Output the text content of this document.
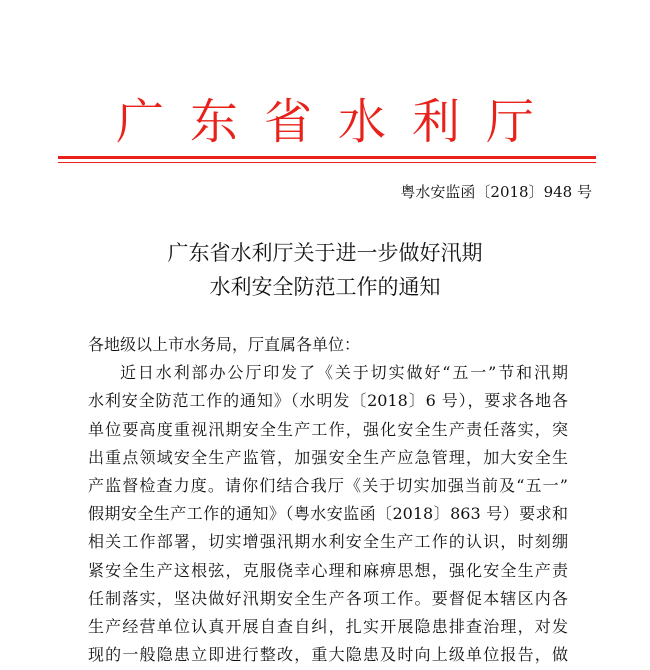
广东省水利厅
粤水安监函〔2018〕948 号
广东省水利厅关于进一步做好汛期
水利安全防范工作的通知
各地级以上市水务局，厅直属各单位：
近日水利部办公厅印发了《关于切实做好“五一”节和汛期
水利安全防范工作的通知》（水明发〔2018〕6 号），要求各地各
单位要高度重视汛期安全生产工作，强化安全生产责任落实，突
出重点领域安全生产监管，加强安全生产应急管理，加大安全生
产监督检查力度。请你们结合我厅《关于切实加强当前及“五一”
假期安全生产工作的通知》（粤水安监函〔2018〕863 号）要求和
相关工作部署，切实增强汛期水利安全生产工作的认识，时刻绷
紧安全生产这根弦，克服侥幸心理和麻痹思想，强化安全生产责
任制落实，坚决做好汛期安全生产各项工作。要督促本辖区内各
生产经营单位认真开展自查自纠，扎实开展隐患排查治理，对发
现的一般隐患立即进行整改，重大隐患及时向上级单位报告，做
